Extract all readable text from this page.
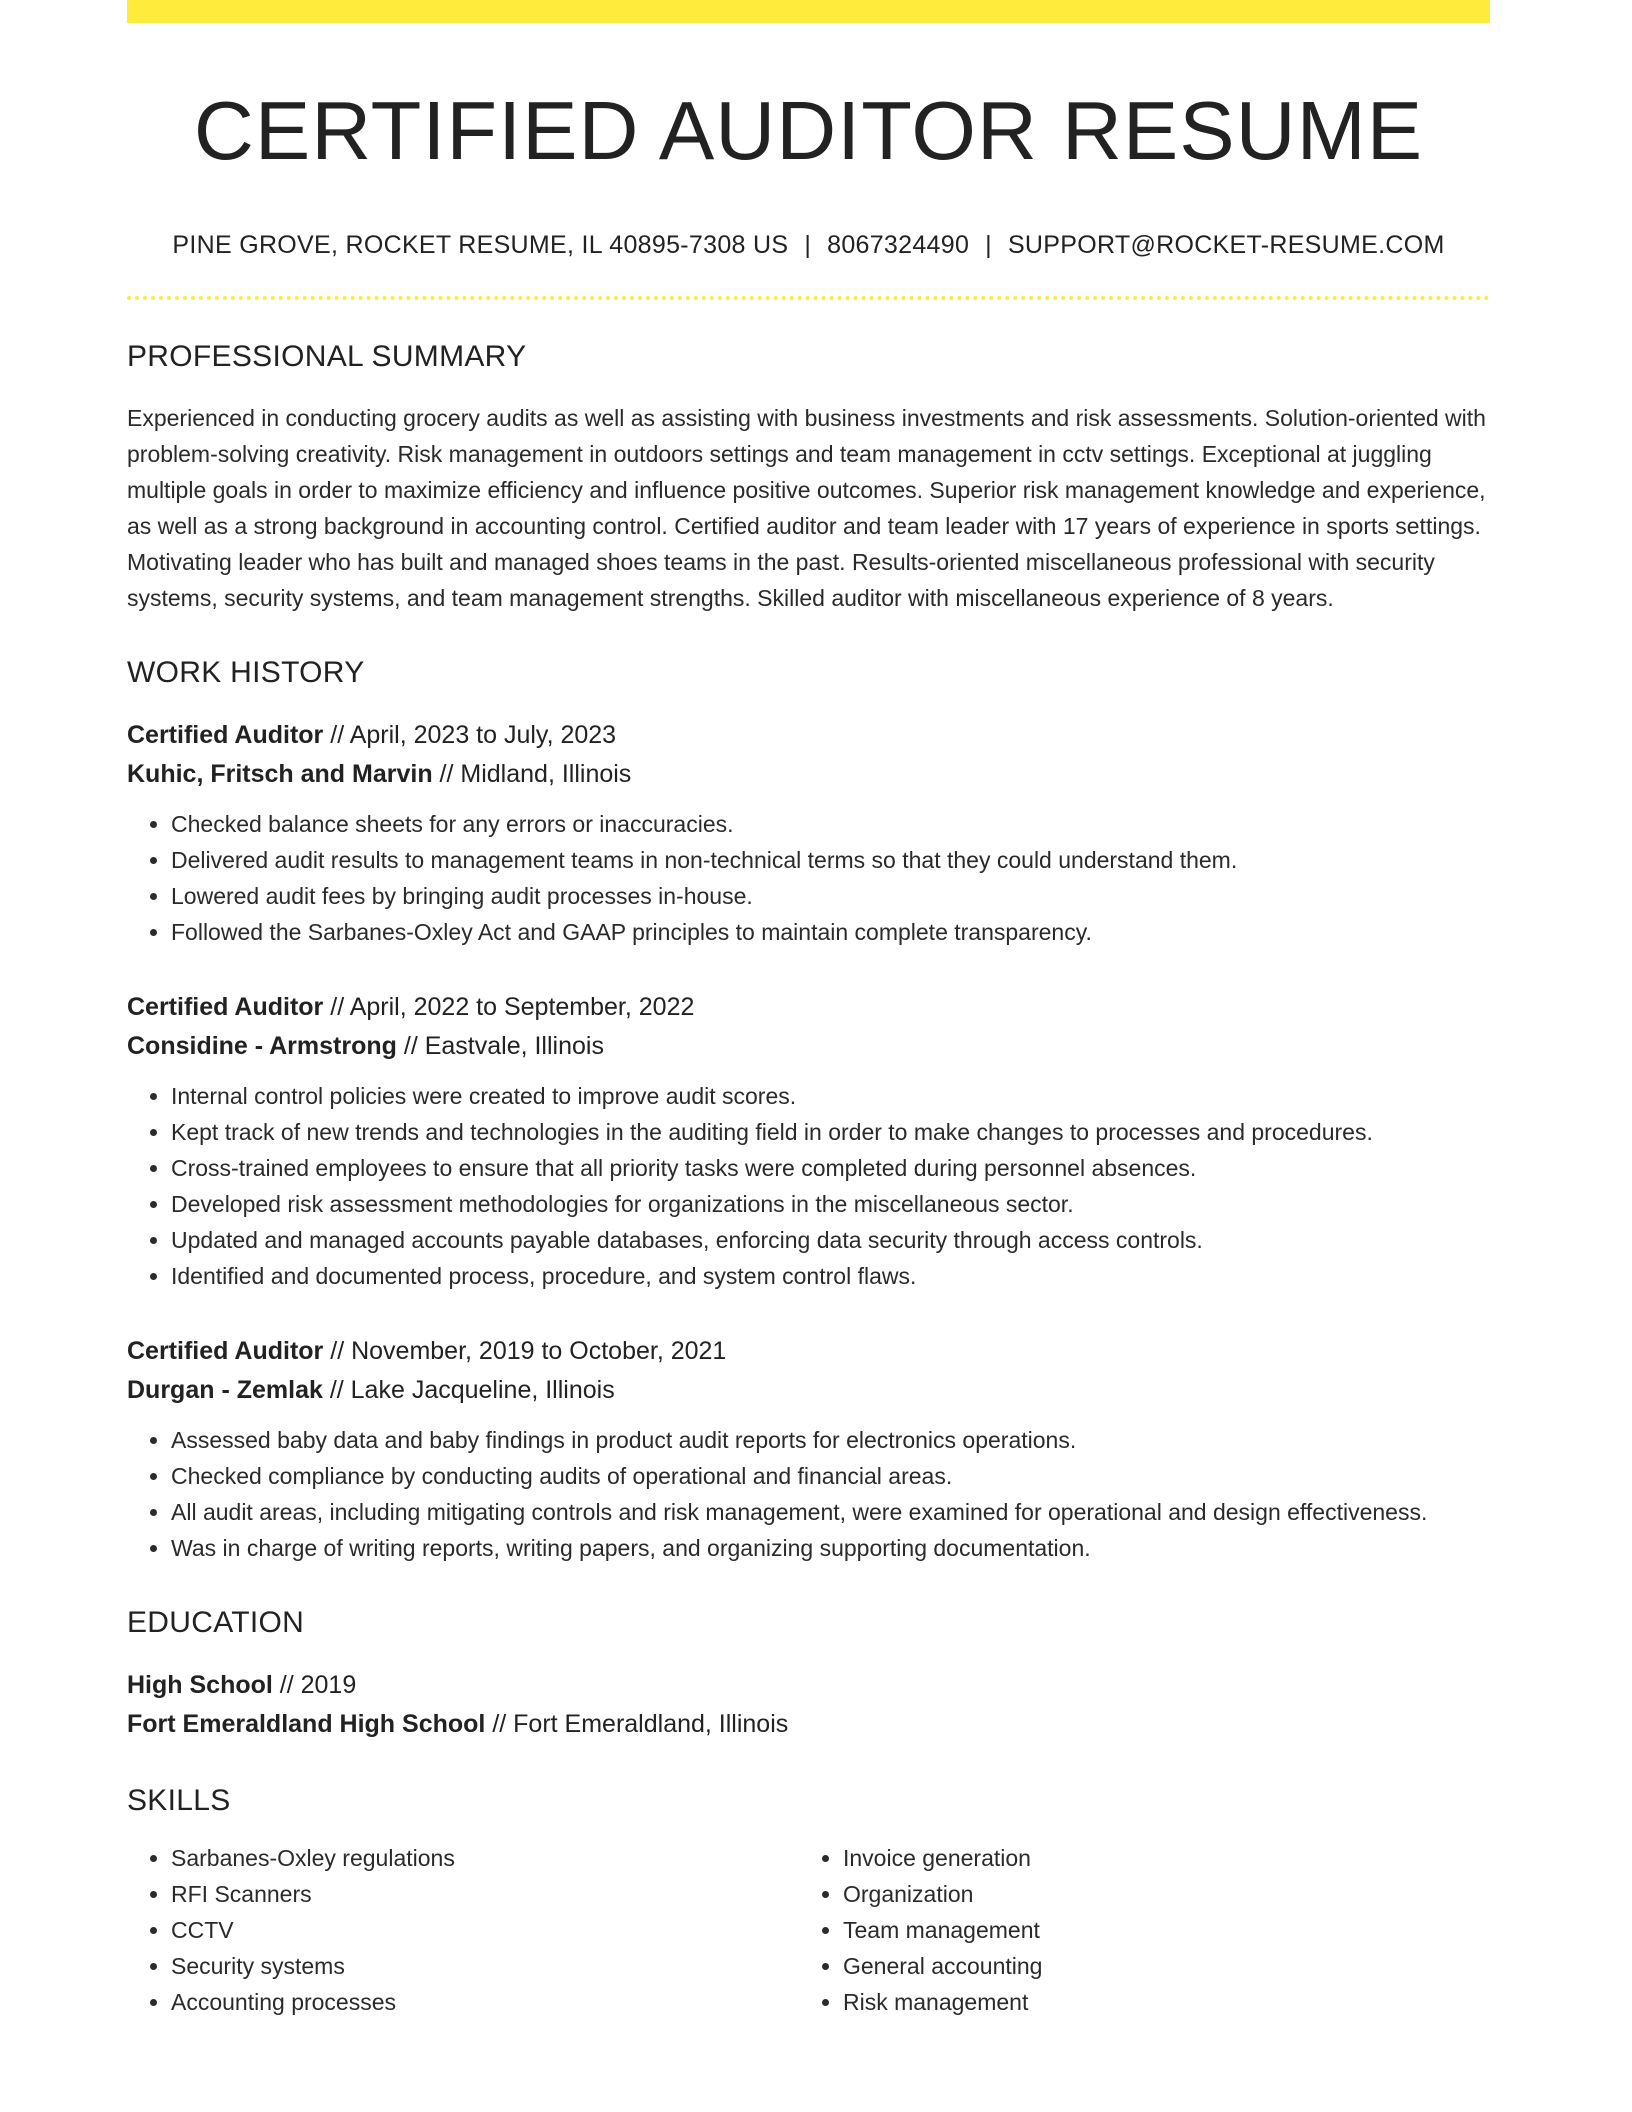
CERTIFIED AUDITOR RESUME
PINE GROVE, ROCKET RESUME, IL 40895-7308 US | 8067324490 | SUPPORT@ROCKET-RESUME.COM
PROFESSIONAL SUMMARY
Experienced in conducting grocery audits as well as assisting with business investments and risk assessments. Solution-oriented with problem-solving creativity. Risk management in outdoors settings and team management in cctv settings. Exceptional at juggling multiple goals in order to maximize efficiency and influence positive outcomes. Superior risk management knowledge and experience, as well as a strong background in accounting control. Certified auditor and team leader with 17 years of experience in sports settings. Motivating leader who has built and managed shoes teams in the past. Results-oriented miscellaneous professional with security systems, security systems, and team management strengths. Skilled auditor with miscellaneous experience of 8 years.
WORK HISTORY
Certified Auditor // April, 2023 to July, 2023
Kuhic, Fritsch and Marvin // Midland, Illinois
• Checked balance sheets for any errors or inaccuracies.
• Delivered audit results to management teams in non-technical terms so that they could understand them.
• Lowered audit fees by bringing audit processes in-house.
• Followed the Sarbanes-Oxley Act and GAAP principles to maintain complete transparency.
Certified Auditor // April, 2022 to September, 2022
Considine - Armstrong // Eastvale, Illinois
• Internal control policies were created to improve audit scores.
• Kept track of new trends and technologies in the auditing field in order to make changes to processes and procedures.
• Cross-trained employees to ensure that all priority tasks were completed during personnel absences.
• Developed risk assessment methodologies for organizations in the miscellaneous sector.
• Updated and managed accounts payable databases, enforcing data security through access controls.
• Identified and documented process, procedure, and system control flaws.
Certified Auditor // November, 2019 to October, 2021
Durgan - Zemlak // Lake Jacqueline, Illinois
• Assessed baby data and baby findings in product audit reports for electronics operations.
• Checked compliance by conducting audits of operational and financial areas.
• All audit areas, including mitigating controls and risk management, were examined for operational and design effectiveness.
• Was in charge of writing reports, writing papers, and organizing supporting documentation.
EDUCATION
High School // 2019
Fort Emeraldland High School // Fort Emeraldland, Illinois
SKILLS
• Sarbanes-Oxley regulations
• RFI Scanners
• CCTV
• Security systems
• Accounting processes
• Invoice generation
• Organization
• Team management
• General accounting
• Risk management
